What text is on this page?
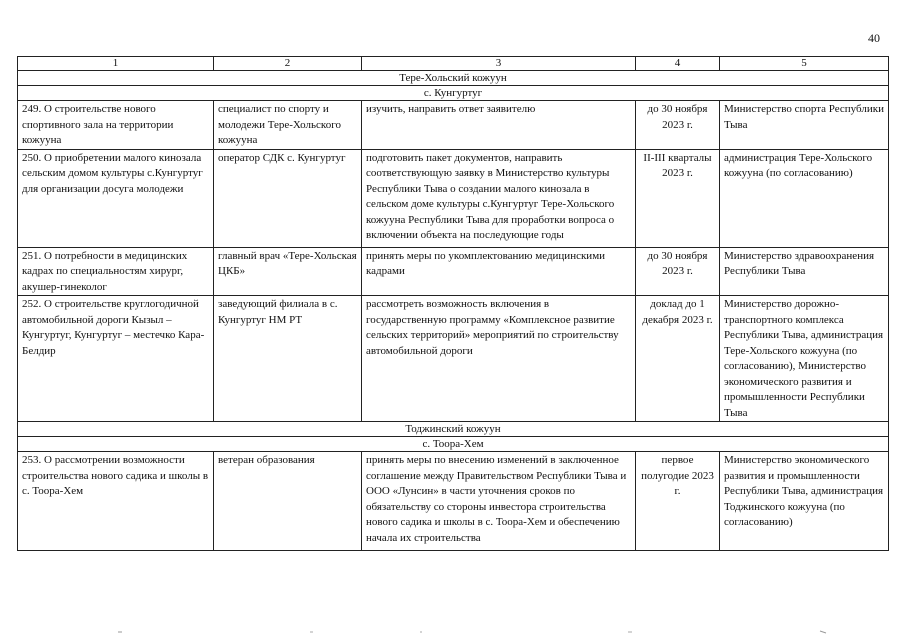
40
1	2	3	4	5
Тере-Хольский кожуун				
с. Кунгуртуг				
249. О строительстве нового спортивного зала на территории кожууна	специалист по спорту и молодежи Тере-Хольского кожууна	изучить, направить ответ заявителю	до 30 ноября 2023 г.	Министерство спорта Республики Тыва
250. О приобретении малого кинозала сельским домом культуры с.Кунгуртуг для организации досуга молодежи	оператор СДК с. Кунгуртуг	подготовить пакет документов, направить соответствующую заявку в Министерство культуры Республики Тыва о создании малого кинозала в сельском доме культуры с.Кунгуртуг Тере-Хольского кожууна Республики Тыва для проработки вопроса о включении объекта на последующие годы	II-III кварталы 2023 г.	администрация Тере-Хольского кожууна (по согласованию)
251. О потребности в медицинских кадрах по специальностям хирург, акушер-гинеколог	главный врач «Тере-Хольская ЦКБ»	принять меры по укомплектованию медицинскими кадрами	до 30 ноября 2023 г.	Министерство здравоохранения Республики Тыва
252. О строительстве круглогодичной автомобильной дороги Кызыл – Кунгуртуг, Кунгуртуг – местечко Кара-Белдир	заведующий филиала в с. Кунгуртуг НМ РТ	рассмотреть возможность включения в государственную программу «Комплексное развитие сельских территорий» мероприятий по строительству автомобильной дороги	доклад до 1 декабря 2023 г.	Министерство дорожно-транспортного комплекса Республики Тыва, администрация Тере-Хольского кожууна (по согласованию), Министерство экономического развития и промышленности Республики Тыва
Тоджинский кожуун				
с. Тоора-Хем				
253. О рассмотрении возможности строительства нового садика и школы в с. Тоора-Хем	ветеран образования	принять меры по внесению изменений в заключенное соглашение между Правительством Республики Тыва и ООО «Лунсин» в части уточнения сроков по обязательству со стороны инвестора строительства нового садика и школы в с. Тоора-Хем и обеспечению начала их строительства	первое полугодие 2023 г.	Министерство экономического развития и промышленности Республики Тыва, администрация Тоджинского кожууна (по согласованию)
